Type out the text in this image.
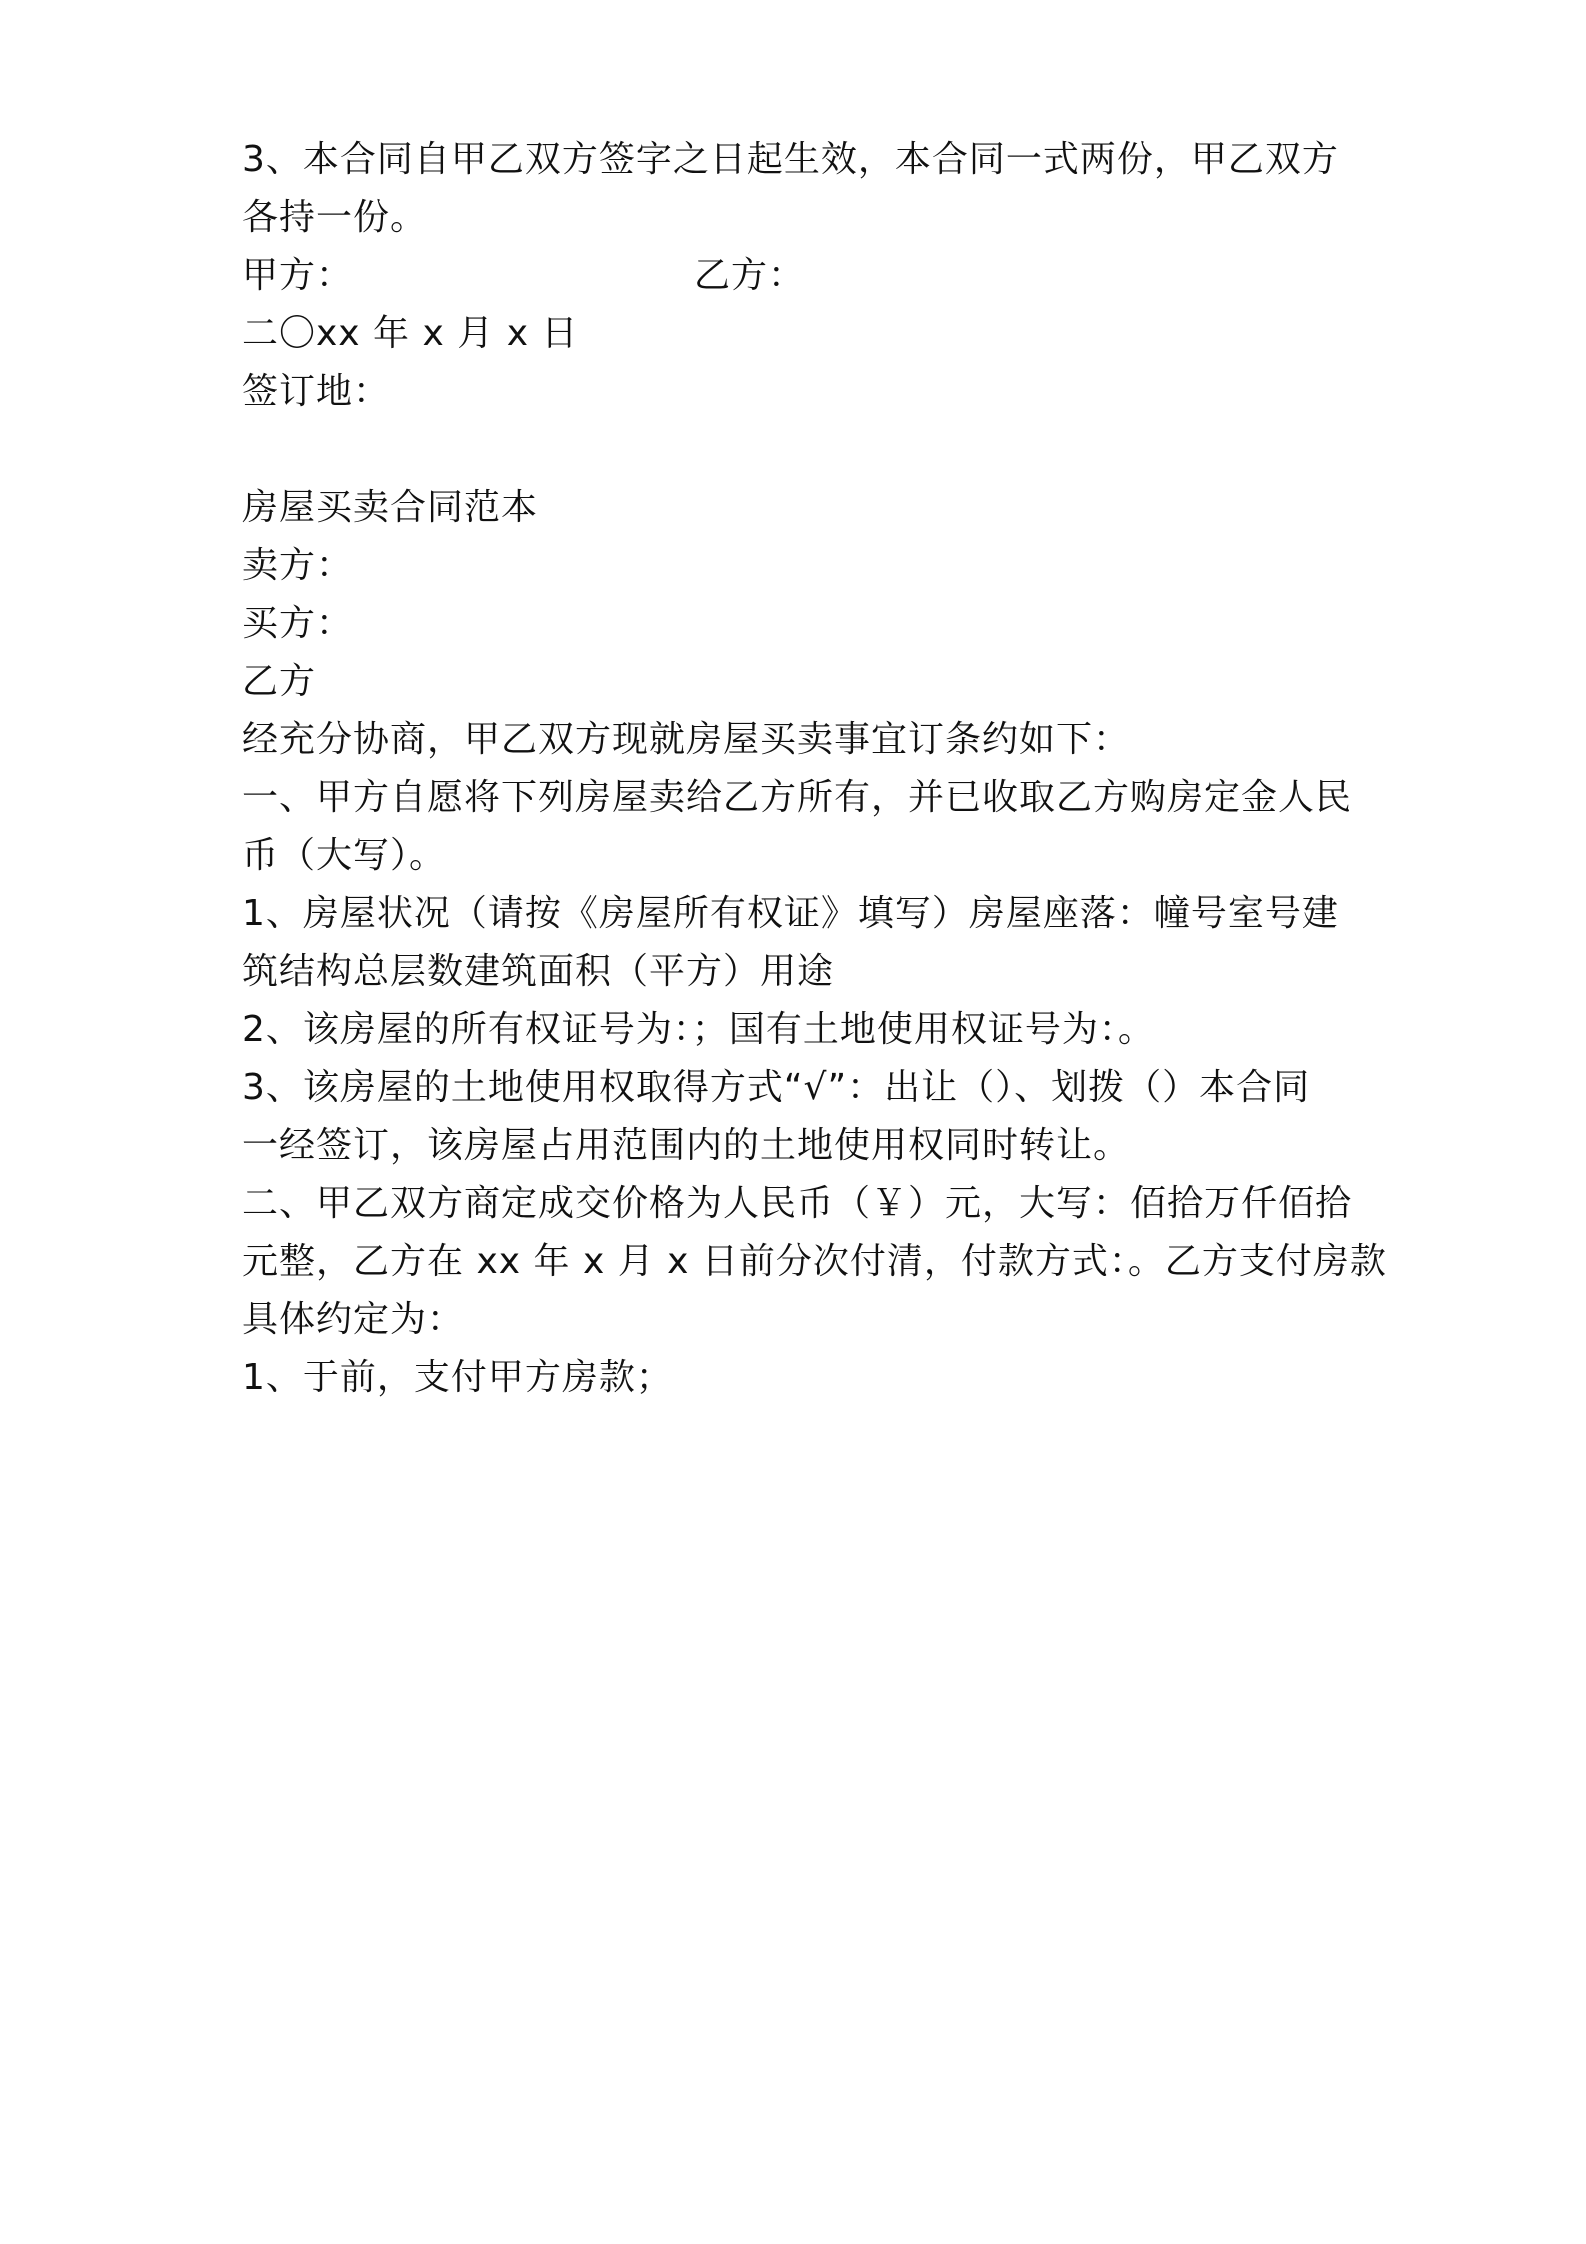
3、本合同自甲乙双方签字之日起生效，本合同一式两份，甲乙双方
各持一份。
甲方：	乙方：
二〇xx 年 x 月 x 日
签订地：
房屋买卖合同范本
卖方：
买方：
乙方
经充分协商，甲乙双方现就房屋买卖事宜订条约如下：
一、甲方自愿将下列房屋卖给乙方所有，并已收取乙方购房定金人民
币（大写）。
1、房屋状况（请按《房屋所有权证》填写）房屋座落：幢号室号建
筑结构总层数建筑面积（平方）用途
2、该房屋的所有权证号为：；国有土地使用权证号为：。
3、该房屋的土地使用权取得方式“√”：出让（）、划拨（）本合同
一经签订，该房屋占用范围内的土地使用权同时转让。
二、甲乙双方商定成交价格为人民币（￥）元，大写：佰拾万仟佰拾
元整，乙方在 xx 年 x 月 x 日前分次付清，付款方式：。乙方支付房款
具体约定为：
1、于前，支付甲方房款；
